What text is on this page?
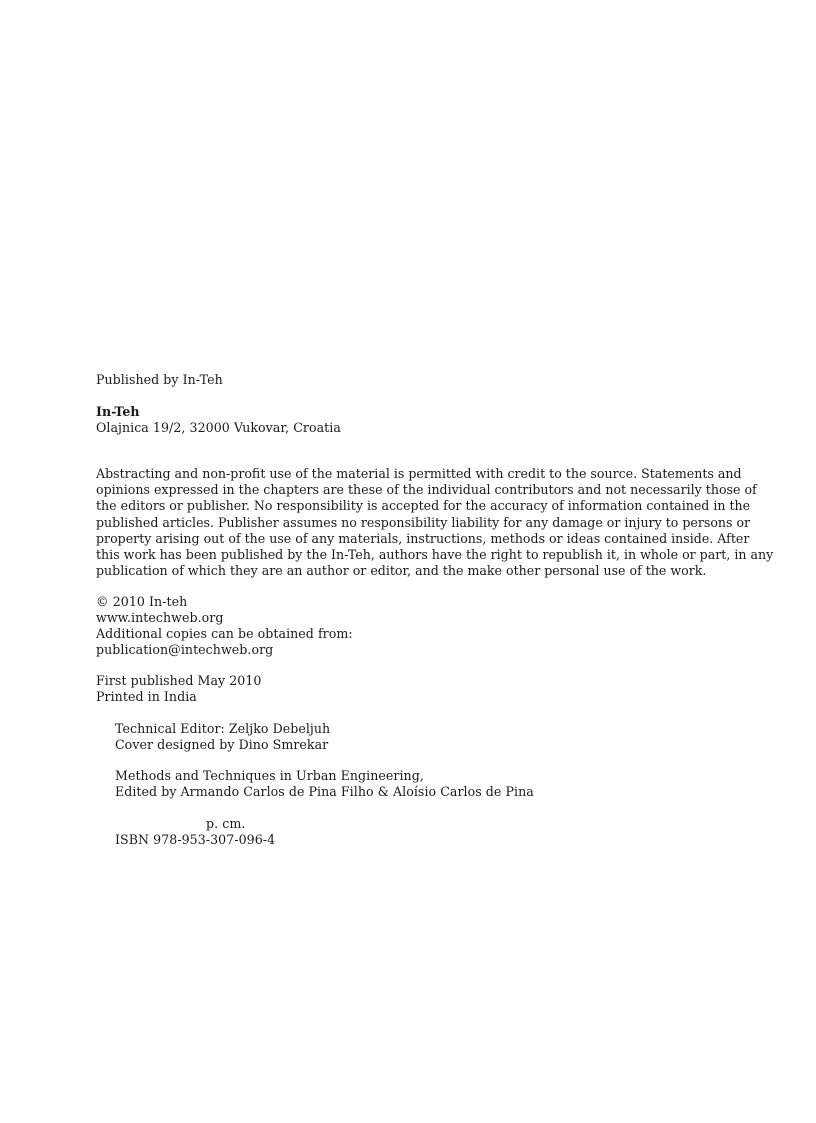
Published by In-Teh
In-Teh
Olajnica 19/2, 32000 Vukovar, Croatia
Abstracting and non-profit use of the material is permitted with credit to the source. Statements and
opinions expressed in the chapters are these of the individual contributors and not necessarily those of
the editors or publisher. No responsibility is accepted for the accuracy of information contained in the
published articles. Publisher assumes no responsibility liability for any damage or injury to persons or
property arising out of the use of any materials, instructions, methods or ideas contained inside. After
this work has been published by the In-Teh, authors have the right to republish it, in whole or part, in any
publication of which they are an author or editor, and the make other personal use of the work.
© 2010 In-teh
www.intechweb.org
Additional copies can be obtained from:
publication@intechweb.org
First published May 2010
Printed in India
Technical Editor: Zeljko Debeljuh
Cover designed by Dino Smrekar
Methods and Techniques in Urban Engineering,
Edited by Armando Carlos de Pina Filho & Aloísio Carlos de Pina
p. cm.
ISBN 978-953-307-096-4
